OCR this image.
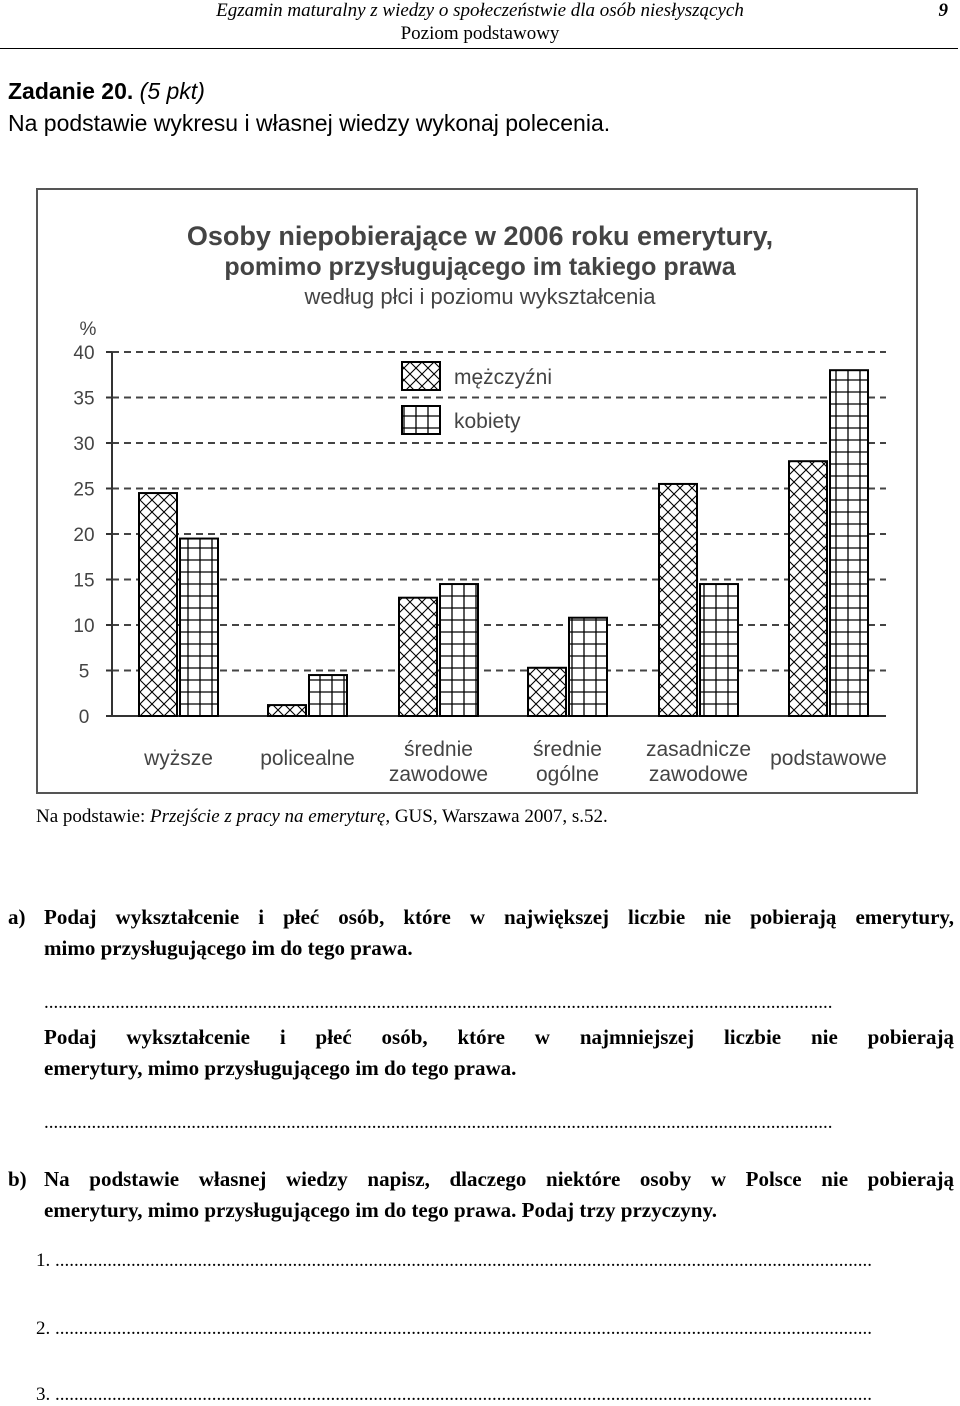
Egzamin maturalny z wiedzy o społeczeństwie dla osób niesłyszących
Poziom podstawowy
9
Zadanie 20. (5 pkt)
Na podstawie wykresu i własnej wiedzy wykonaj polecenia.
Osoby niepobierające w 2006 roku emerytury,
pomimo przysługującego im takiego prawa
według płci i poziomu wykształcenia
%
0
5
10
15
20
25
30
35
40
wyższe policealne średnie
zawodowe
średnie
ogólne
zasadnicze
zawodowe
podstawowe
mężczyźni
kobiety
Na podstawie: Przejście z pracy na emeryturę, GUS, Warszawa 2007, s.52.
a) Podaj wykształcenie i płeć osób, które w największej liczbie nie pobierają emerytury,
mimo przysługującego im do tego prawa.
......................................................................................................................................................................
Podaj wykształcenie i płeć osób, które w najmniejszej liczbie nie pobierają
emerytury, mimo przysługującego im do tego prawa.
......................................................................................................................................................................
b) Na podstawie własnej wiedzy napisz, dlaczego niektóre osoby w Polsce nie pobierają
emerytury, mimo przysługującego im do tego prawa. Podaj trzy przyczyny.
1. ............................................................................................................................................................................
2. ............................................................................................................................................................................
3. ............................................................................................................................................................................
